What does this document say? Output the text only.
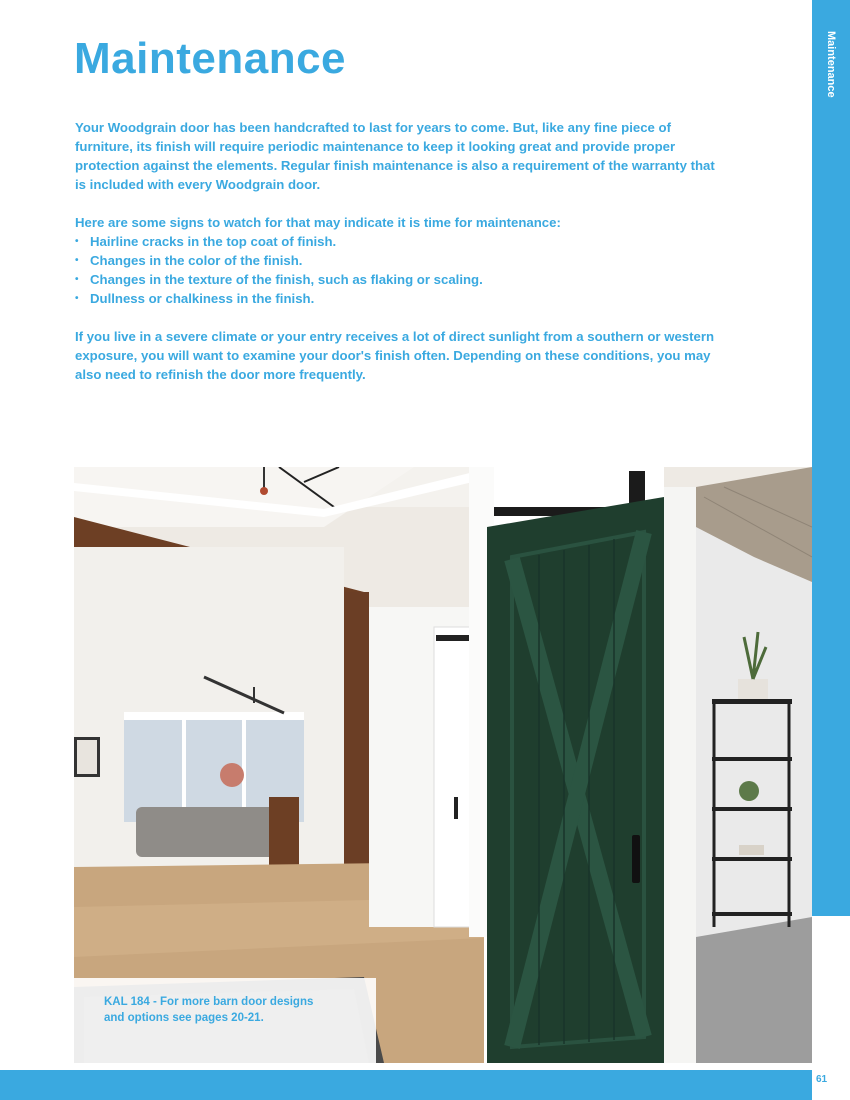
Maintenance
Maintenance

Your Woodgrain door has been handcrafted to last for years to come. But, like any fine piece of furniture, its finish will require periodic maintenance to keep it looking great and provide proper protection against the elements. Regular finish maintenance is also a requirement of the warranty that is included with every Woodgrain door.

Here are some signs to watch for that may indicate it is time for maintenance:
• Hairline cracks in the top coat of finish.
• Changes in the color of the finish.
• Changes in the texture of the finish, such as flaking or scaling.
• Dullness or chalkiness in the finish.

If you live in a severe climate or your entry receives a lot of direct sunlight from a southern or western exposure, you will want to examine your door's finish often. Depending on these conditions, you may also need to refinish the door more frequently.

KAL 184 - For more barn door designs
and options see pages 20-21.
61
